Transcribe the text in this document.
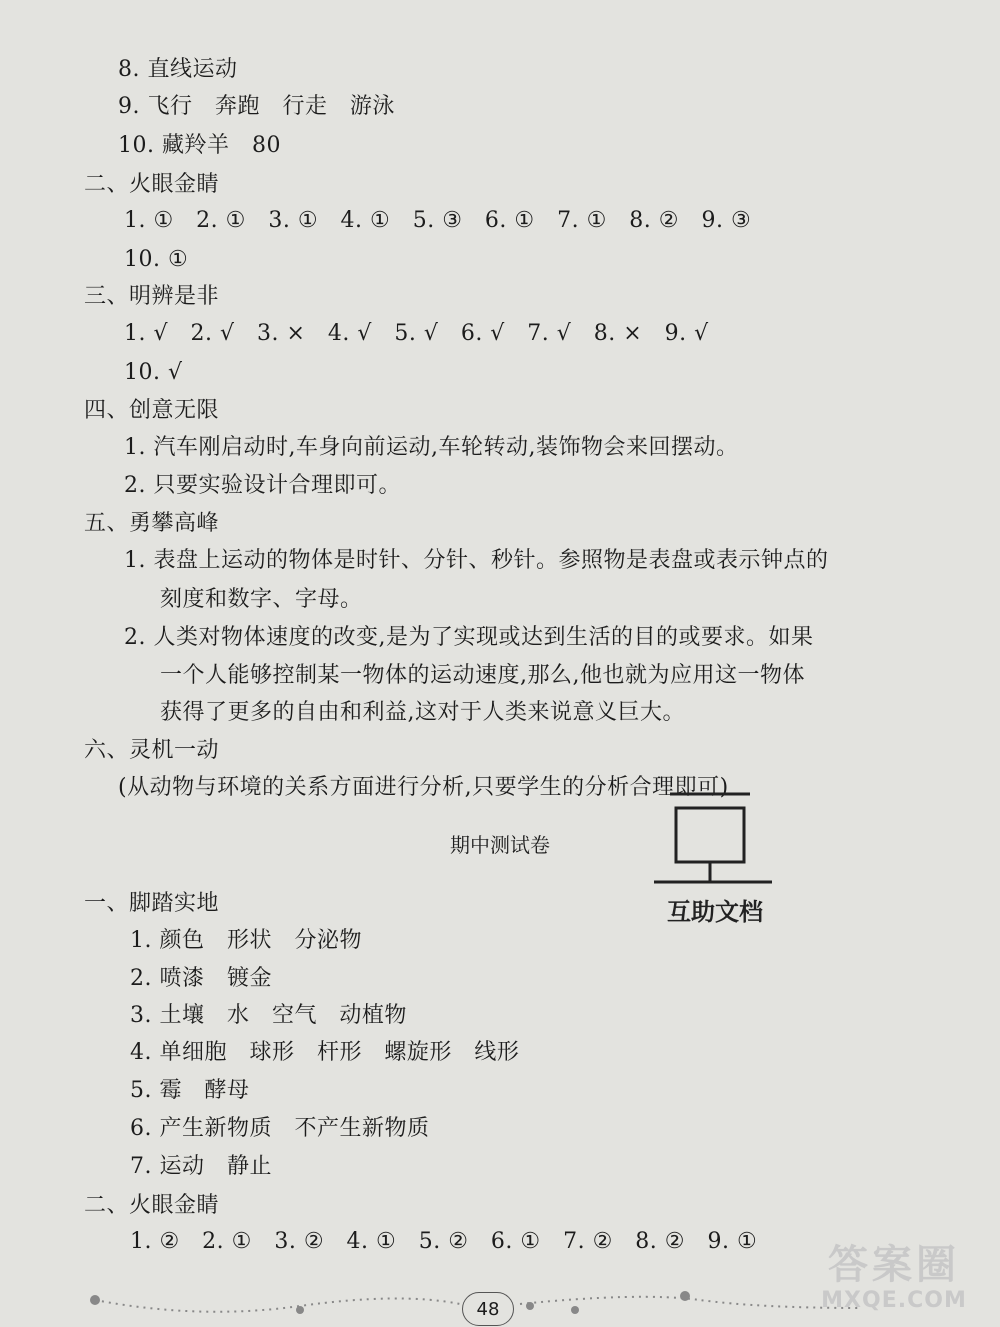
8. 直线运动
9. 飞行   奔跑   行走   游泳
10. 藏羚羊   80
二、火眼金睛
1. ①   2. ①   3. ①   4. ①   5. ③   6. ①   7. ①   8. ②   9. ③
10. ①
三、明辨是非
1. √   2. √   3. ×   4. √   5. √   6. √   7. √   8. ×   9. √
10. √
四、创意无限
1. 汽车刚启动时,车身向前运动,车轮转动,装饰物会来回摆动。
2. 只要实验设计合理即可。
五、勇攀高峰
1. 表盘上运动的物体是时针、分针、秒针。参照物是表盘或表示钟点的
刻度和数字、字母。
2. 人类对物体速度的改变,是为了实现或达到生活的目的或要求。如果
一个人能够控制某一物体的运动速度,那么,他也就为应用这一物体
获得了更多的自由和利益,这对于人类来说意义巨大。
六、灵机一动
(从动物与环境的关系方面进行分析,只要学生的分析合理即可)
期中测试卷
一、脚踏实地
1. 颜色   形状   分泌物
2. 喷漆   镀金
3. 土壤   水   空气   动植物
4. 单细胞   球形   杆形   螺旋形   线形
5. 霉   酵母
6. 产生新物质   不产生新物质
7. 运动   静止
二、火眼金睛
1. ②   2. ①   3. ②   4. ①   5. ②   6. ①   7. ②   8. ②   9. ①
互助文档
48
答案圈
MXQE.COM
